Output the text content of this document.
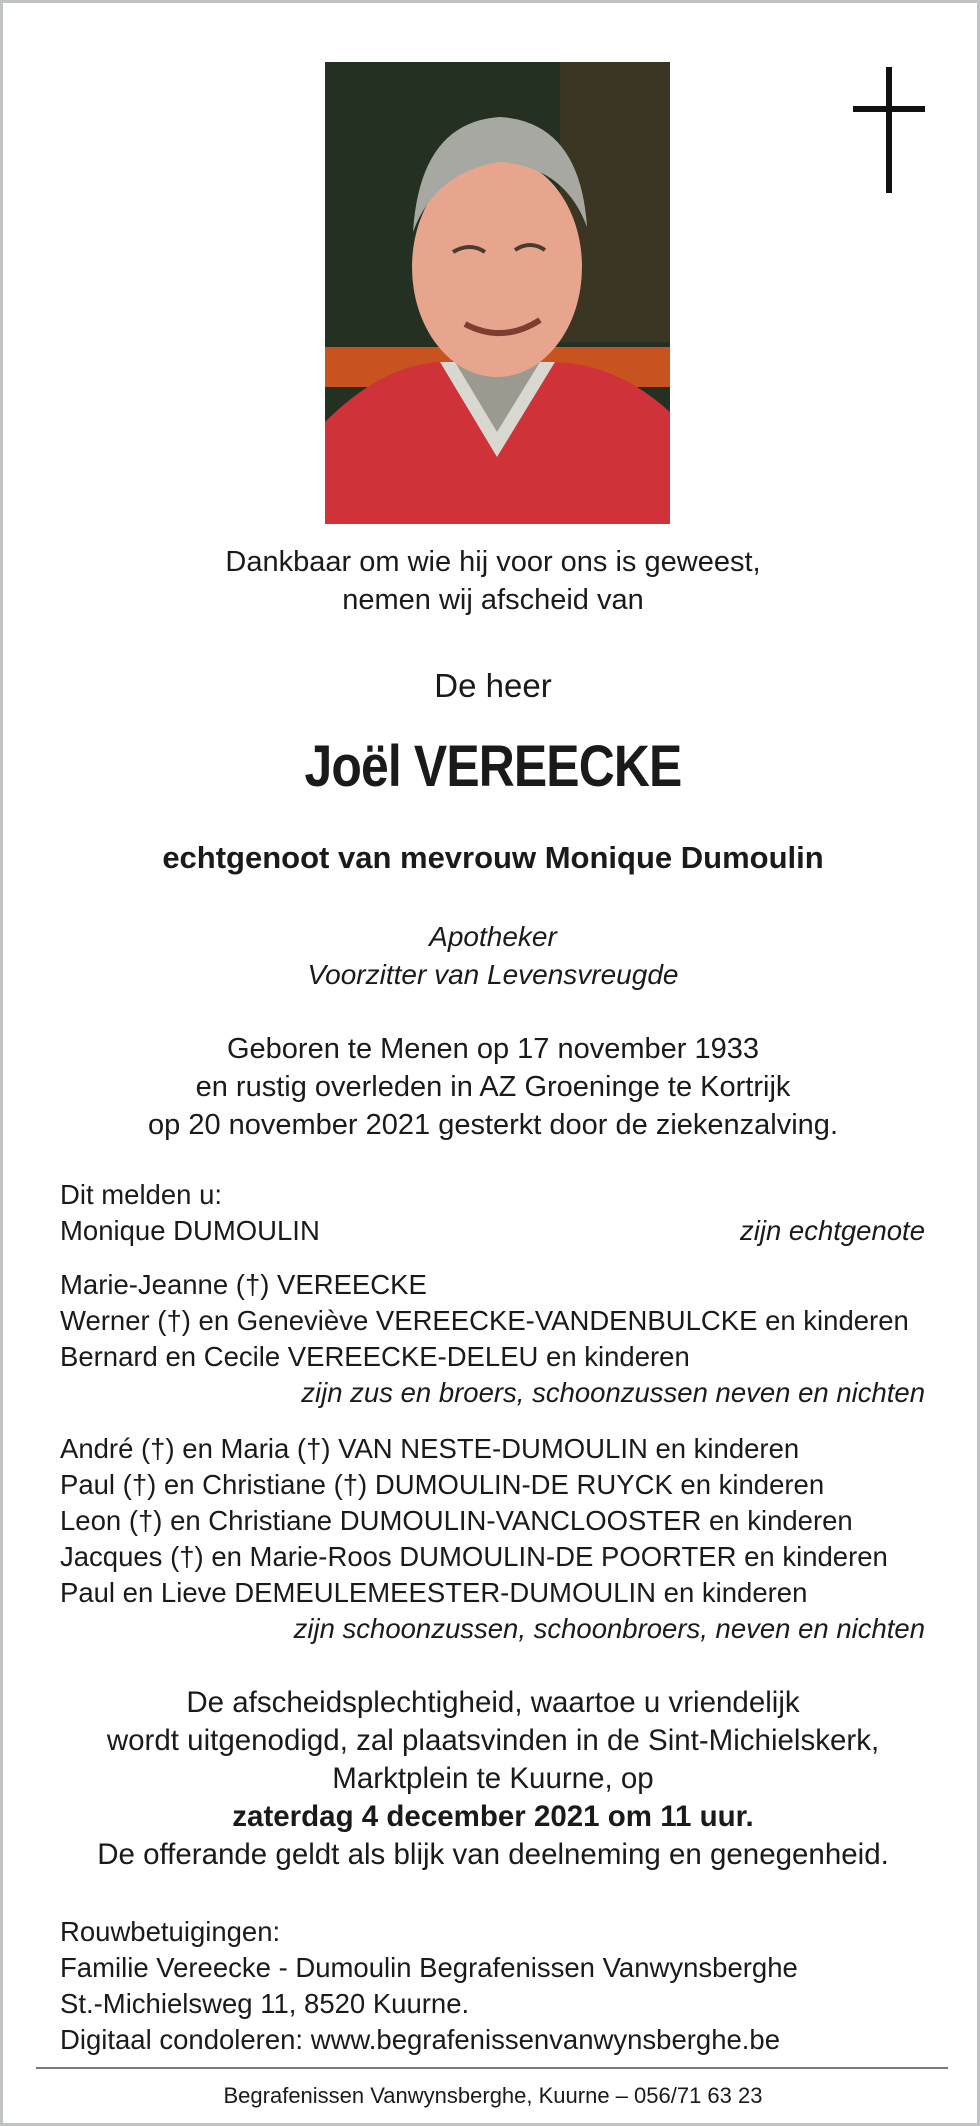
Dankbaar om wie hij voor ons is geweest,
nemen wij afscheid van
De heer
Joël VEREECKE
echtgenoot van mevrouw Monique Dumoulin
Apotheker
Voorzitter van Levensvreugde
Geboren te Menen op 17 november 1933
en rustig overleden in AZ Groeninge te Kortrijk
op 20 november 2021 gesterkt door de ziekenzalving.
Dit melden u:
Monique DUMOULIN	zijn echtgenote
Marie-Jeanne (†) VEREECKE
Werner (†) en Geneviève VEREECKE-VANDENBULCKE en kinderen
Bernard en Cecile VEREECKE-DELEU en kinderen
zijn zus en broers, schoonzussen neven en nichten
André (†) en Maria (†) VAN NESTE-DUMOULIN en kinderen
Paul (†) en Christiane (†) DUMOULIN-DE RUYCK en kinderen
Leon (†) en Christiane DUMOULIN-VANCLOOSTER en kinderen
Jacques (†) en Marie-Roos DUMOULIN-DE POORTER en kinderen
Paul en Lieve DEMEULEMEESTER-DUMOULIN en kinderen
zijn schoonzussen, schoonbroers, neven en nichten
De afscheidsplechtigheid, waartoe u vriendelijk
wordt uitgenodigd, zal plaatsvinden in de Sint-Michielskerk,
Marktplein te Kuurne, op
zaterdag 4 december 2021 om 11 uur.
De offerande geldt als blijk van deelneming en genegenheid.
Rouwbetuigingen:
Familie Vereecke - Dumoulin Begrafenissen Vanwynsberghe
St.-Michielsweg 11, 8520 Kuurne.
Digitaal condoleren: www.begrafenissenvanwynsberghe.be
Begrafenissen Vanwynsberghe, Kuurne – 056/71 63 23
